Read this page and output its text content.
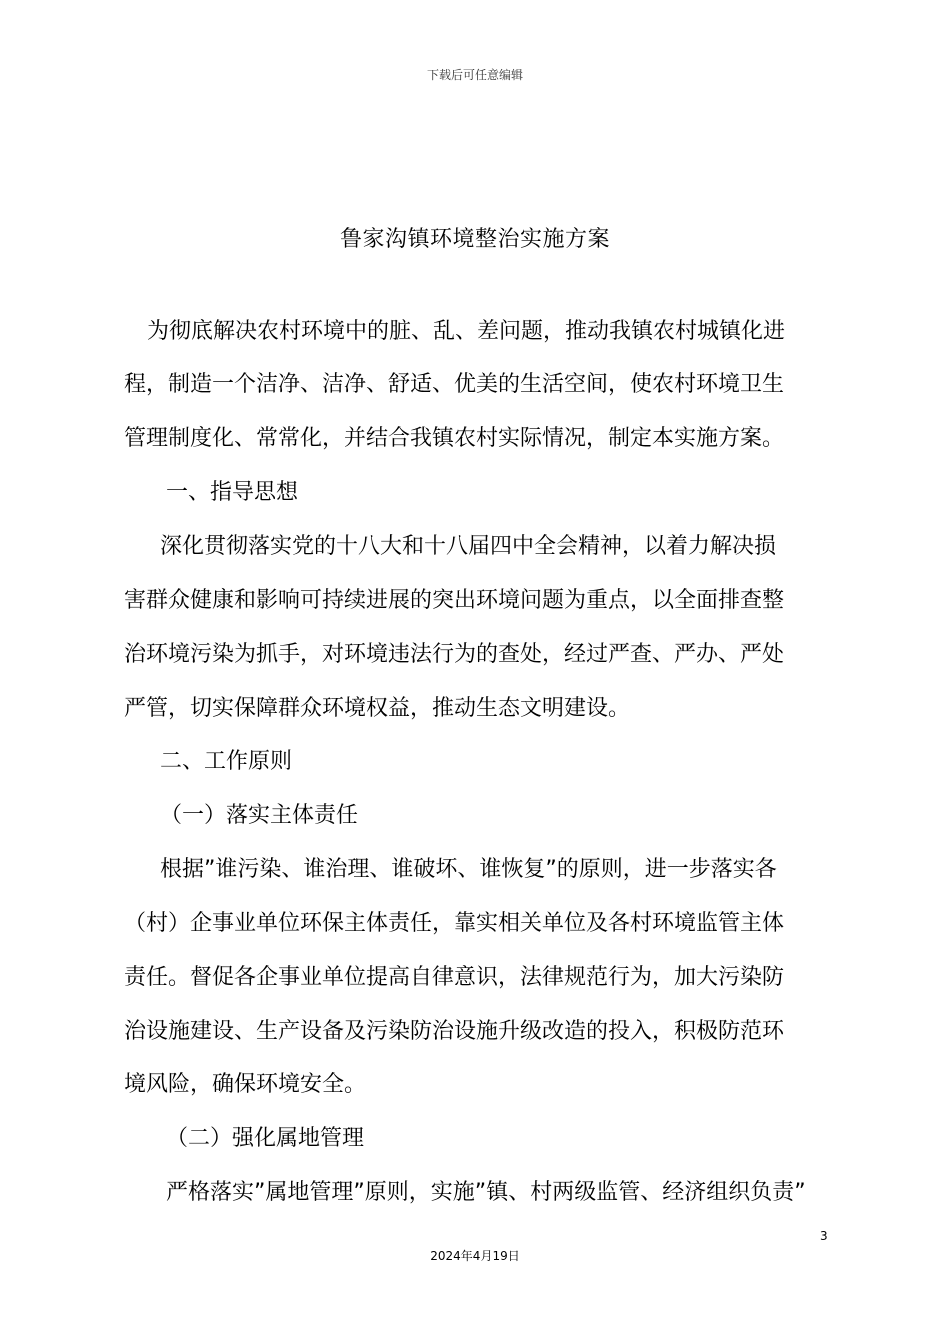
下载后可任意编辑
鲁家沟镇环境整治实施方案
为彻底解决农村环境中的脏、乱、差问题，推动我镇农村城镇化进
程，制造一个洁净、洁净、舒适、优美的生活空间，使农村环境卫生
管理制度化、常常化，并结合我镇农村实际情况，制定本实施方案。
一、指导思想
深化贯彻落实党的十八大和十八届四中全会精神，以着力解决损
害群众健康和影响可持续进展的突出环境问题为重点，以全面排查整
治环境污染为抓手，对环境违法行为的查处，经过严查、严办、严处
严管，切实保障群众环境权益，推动生态文明建设。
二、工作原则
（一）落实主体责任
根据”谁污染、谁治理、谁破坏、谁恢复”的原则，进一步落实各
（村）企事业单位环保主体责任，靠实相关单位及各村环境监管主体
责任。督促各企事业单位提高自律意识，法律规范行为，加大污染防
治设施建设、生产设备及污染防治设施升级改造的投入，积极防范环
境风险，确保环境安全。
（二）强化属地管理
严格落实”属地管理”原则，实施”镇、村两级监管、经济组织负责”
3
2024年4月19日
